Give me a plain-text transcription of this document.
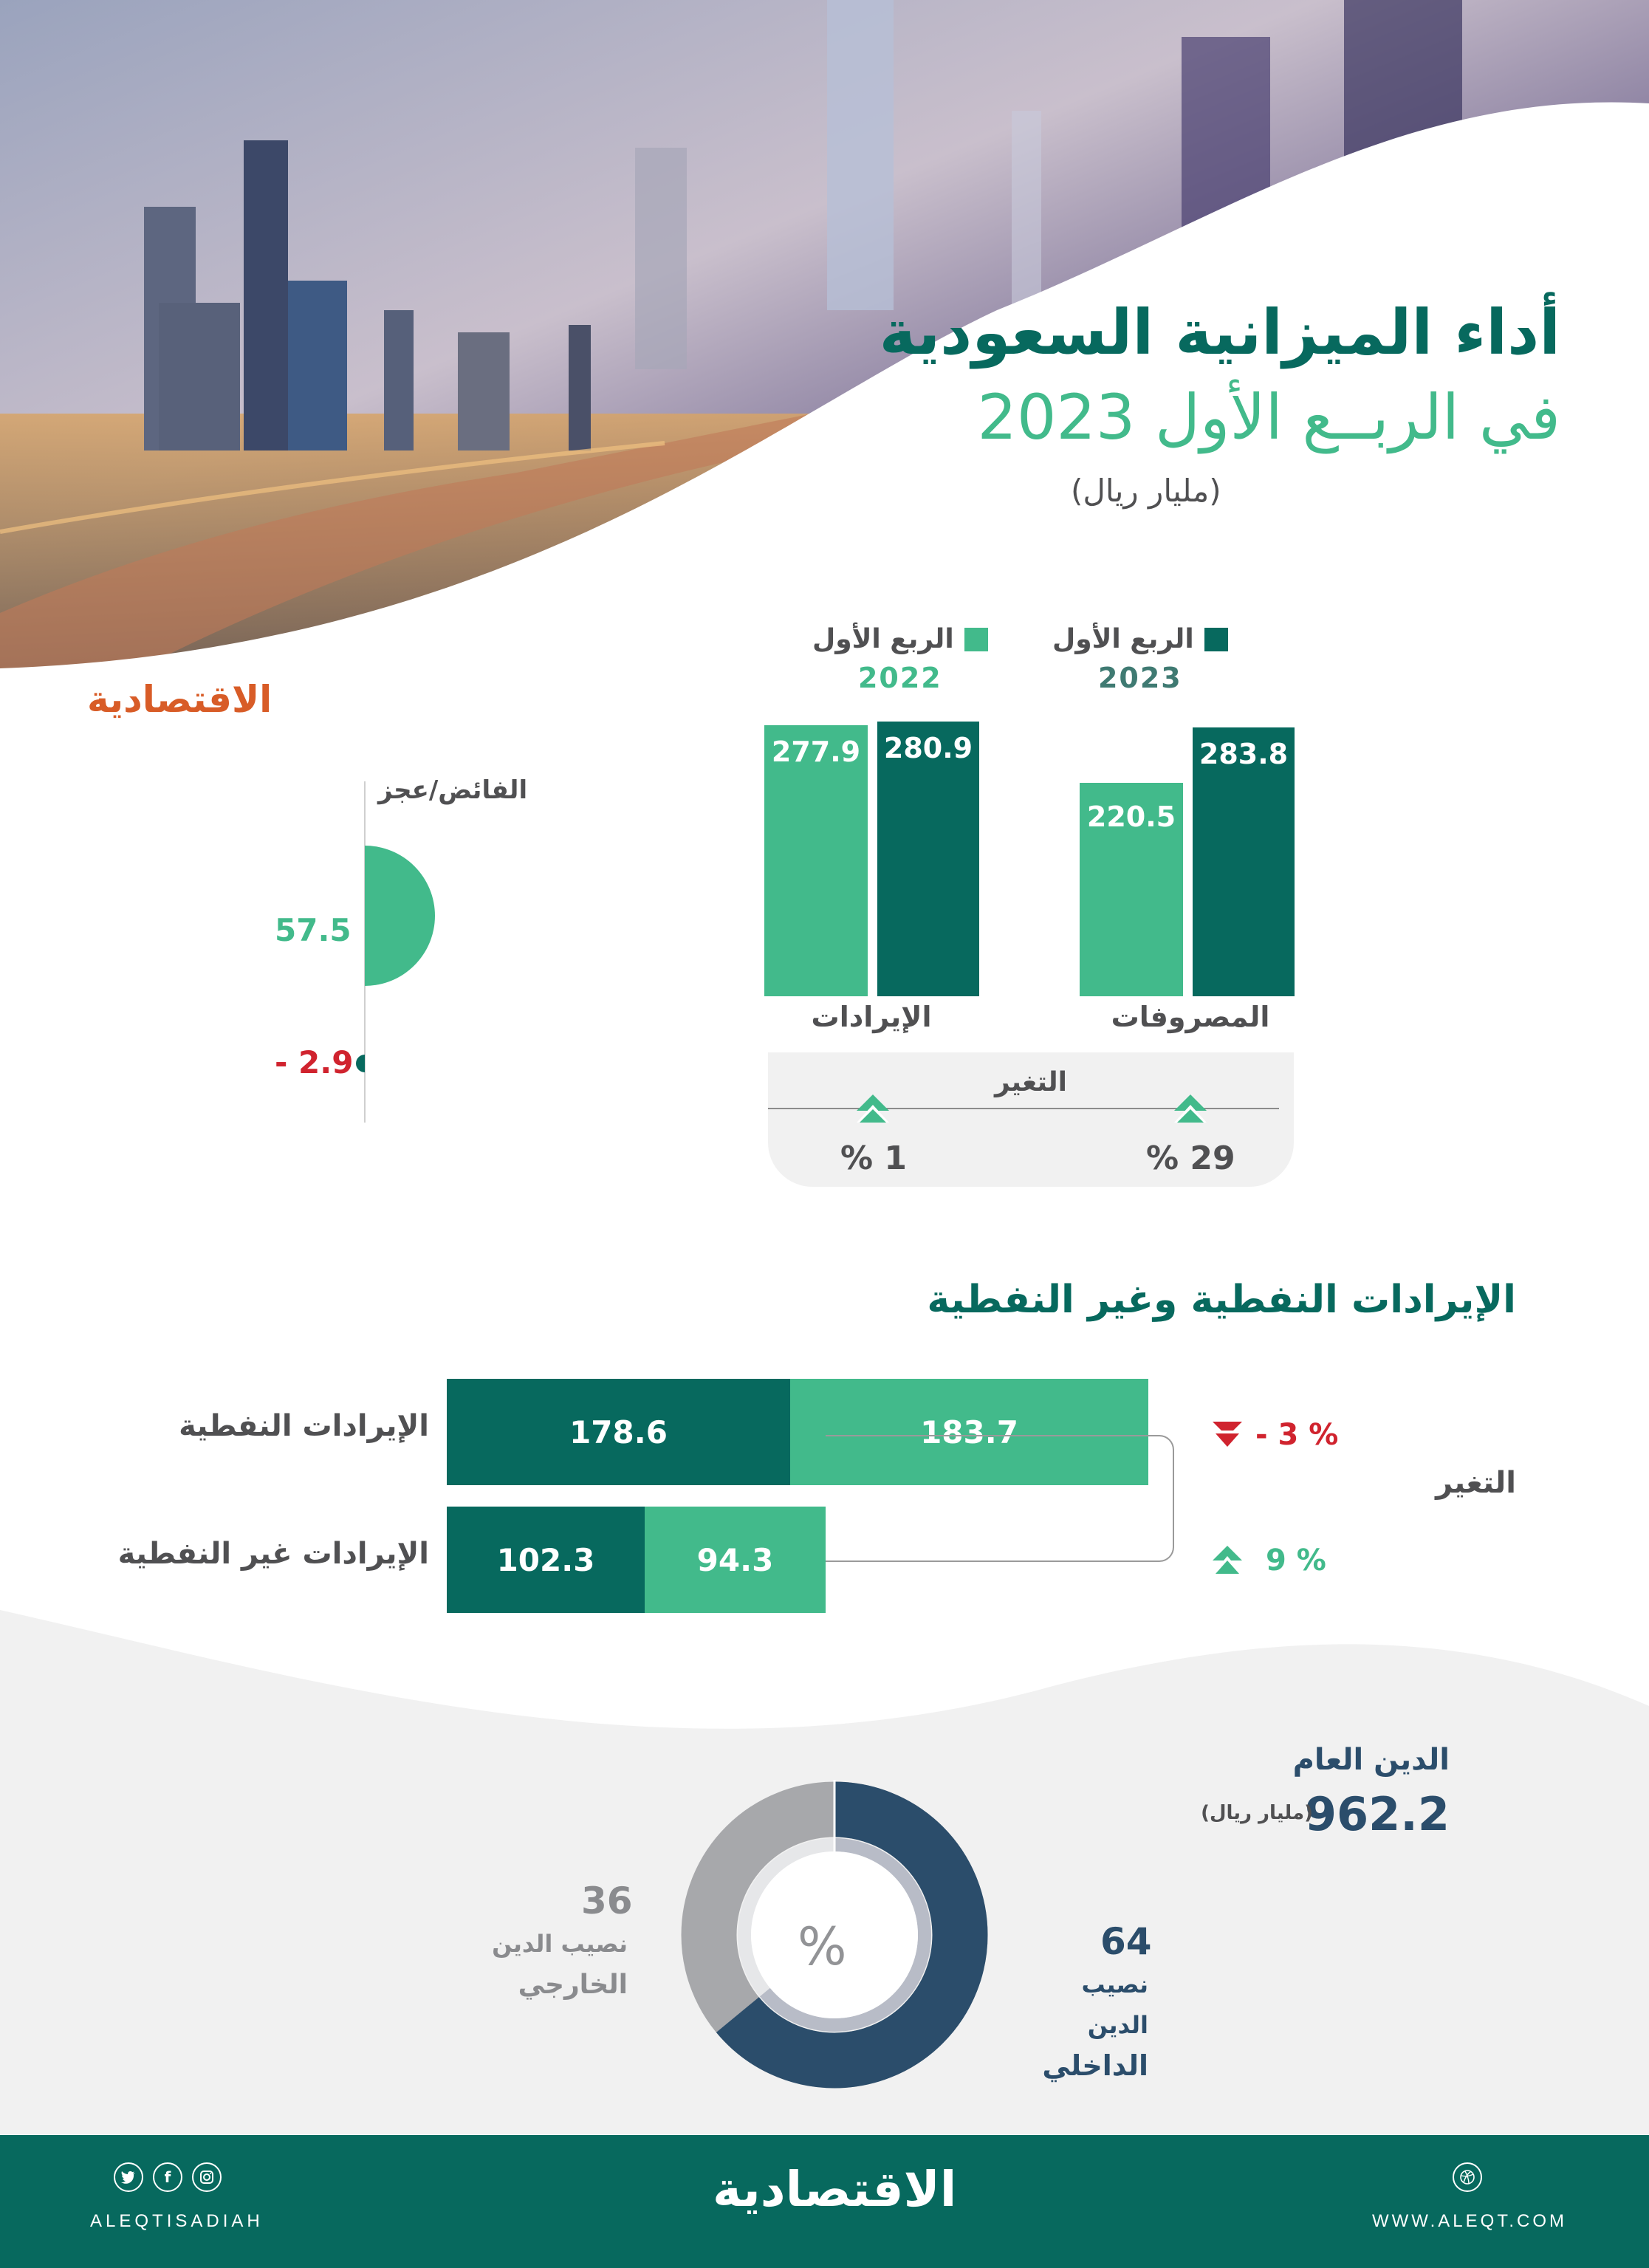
أداء الميزانية السعودية
في الربــع الأول 2023
(مليار ريال)
الاقتصادية
الربع الأول
2023
الربع الأول
2022
277.9 280.9
220.5
283.8
الإيرادات	المصروفات
التغير
1 %	29 %
الفائض/عجز
57.5
- 2.9
الإيرادات النفطية وغير النفطية
178.6	183.7
الإيرادات النفطية
102.3	94.3
الإيرادات غير النفطية
- 3 %
التغير
9 %
الدين العام
962.2
(مليار ريال)
%	64
نصيب الدين
الداخلي
36
نصيب الدين
الخارجي
f
ALEQTISADIAH
الاقتصادية
WWW.ALEQT.COM
